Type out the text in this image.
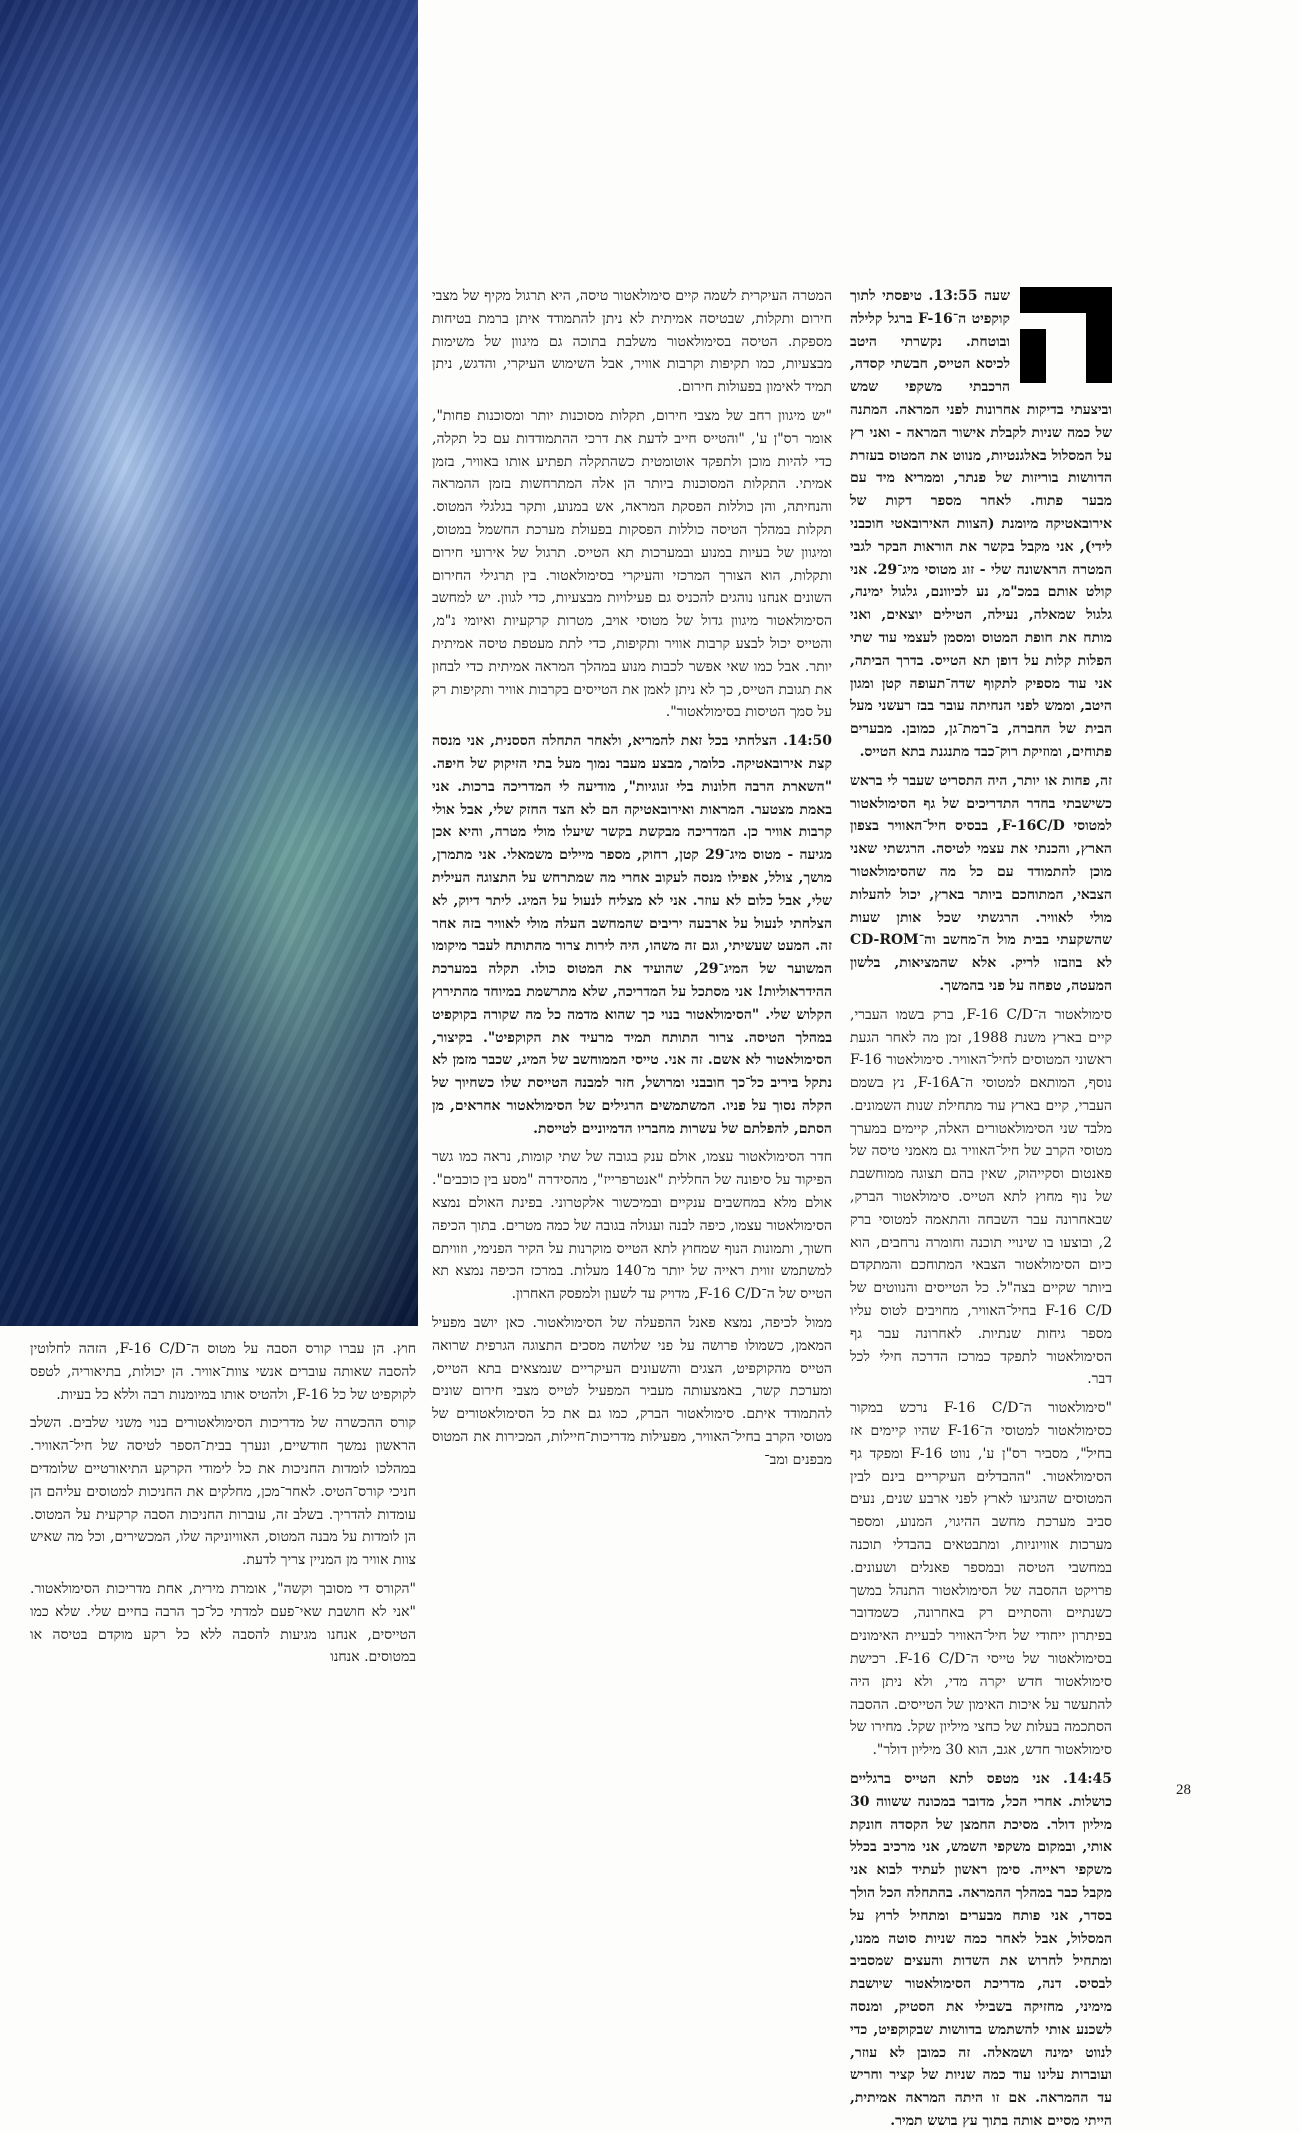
שעה 13:55. טיפסתי לתוך קוקפיט ה־F-16 ברגל קלילה ובוטחת. נקשרתי היטב לכיסא הטייס, חבשתי קסדה, הרכבתי משקפי שמש וביצעתי בדיקות אחרונות לפני המראה. המתנה של כמה שניות לקבלת אישור המראה - ואני רץ על המסלול באלגנטיות, מנווט את המטוס בעזרת הדוושות בוריזות של פנתר, וממריא מיד עם מבער פתוח. לאחר מספר דקות של אירובאטיקה מיומנת (הצוות האירובאטי חוכבני לידי), אני מקבל בקשר את הוראות הבקר לגבי המטרה הראשונה שלי - זוג מטוסי מיג־29. אני קולט אותם במכ"מ, נע לכיוונם, גלגול ימינה, גלגול שמאלה, נעילה, הטילים יוצאים, ואני מותח את חופת המטוס ומסמן לעצמי עוד שתי הפלות קלות על דופן תא הטייס. בדרך הביתה, אני עוד מספיק לתקוף שדה־תעופה קטן ומגון היטב, וממש לפני הנחיתה עובר בבז רעשני מעל הבית של החברה, ב־רמת־גן, כמובן. מבערים פתוחים, ומוזיקת רוק־כבד מתנגנת בתא הטייס.

זה, פחות או יותר, היה התסריט שעבר לי בראש כשישבתי בחדר התדריכים של גף הסימולאטור למטוסי F-16C/D, בבסיס חיל־האוויר בצפון הארץ, והכנתי את עצמי לטיסה. הרגשתי שאני מוכן להתמודד עם כל מה שהסימולאטור הצבאי, המתוחכם ביותר בארץ, יכול להעלות מולי לאוויר. הרגשתי שכל אותן שעות שהשקעתי בבית מול ה־מחשב וה־CD-ROM לא בוזבזו לריק. אלא שהמציאות, בלשון המעטה, טפחה על פני בהמשך.

סימולאטור ה־F-16 C/D, ברק בשמו העברי, קיים בארץ משנת 1988, זמן מה לאחר הגעת ראשוני המטוסים לחיל־האוויר. סימולאטור F-16 נוסף, המותאם למטוסי ה־F-16A, נץ בשמם העברי, קיים בארץ עוד מתחילת שנות השמונים. מלבד שני הסימולאטורים האלה, קיימים במערך מטוסי הקרב של חיל־האוויר גם מאמני טיסה של פאנטום וסקייהוק, שאין בהם תצוגה ממוחשבת של נוף מחוץ לתא הטייס. סימולאטור הברק, שבאחרונה עבר השבחה והתאמה למטוסי ברק 2, ובוצעו בו שינויי תוכנה וחומרה נרחבים, הוא כיום הסימולאטור הצבאי המתוחכם והמתקדם ביותר שקיים בצה"ל. כל הטייסים והנווטים של F-16 C/D בחיל־האוויר, מחויבים לטוס עליו מספר גיחות שנתיות. לאחרונה עבר גף הסימולאטור לתפקד כמרכז הדרכה חילי לכל דבר.

"סימולאטור ה־F-16 C/D נרכש במקור כסימולאטור למטוסי ה־F-16 שהיו קיימים אז בחיל", מסביר רס"ן ע', נווט F-16 ומפקד גף הסימולאטור. "ההבדלים העיקריים בינם לבין המטוסים שהגיעו לארץ לפני ארבע שנים, נעים סביב מערכת מחשב ההיגוי, המנוע, ומספר מערכות אוויוניות, ומתבטאים בהבדלי תוכנה במחשבי הטיסה ובמספר פאנלים ושעונים. פרויקט ההסבה של הסימולאטור התנהל במשך כשנתיים והסתיים רק באחרונה, כשמדובר בפיתרון ייחודי של חיל־האוויר לבעיית האימונים בסימולאטור של טייסי ה־F-16 C/D. רכישת סימולאטור חדש יקרה מדי, ולא ניתן היה להתעשר על איכות האימון של הטייסים. ההסבה הסתכמה בעלות של כחצי מיליון שקל. מחירו של סימולאטור חדש, אגב, הוא 30 מיליון דולר".

14:45. אני מטפס לתא הטייס ברגליים כושלות. אחרי הכל, מדובר במכונה ששווה 30 מיליון דולר. מסיכת החמצן של הקסדה חונקת אותי, ובמקום משקפי השמש, אני מרכיב בכלל משקפי ראייה. סימן ראשון לעתיד לבוא אני מקבל כבר במהלך ההמראה. בהתחלה הכל הולך בסדר, אני פותח מבערים ומתחיל לרוץ על המסלול, אבל לאחר כמה שניות סוטה ממנו, ומתחיל לחרוש את השדות והעצים שמסביב לבסיס. דנה, מדריכת הסימולאטור שיושבת מימיני, מחזיקה בשבילי את הסטיק, ומנסה לשכנע אותי להשתמש בדוושות שבקוקפיט, כדי לנווט ימינה ושמאלה. זה כמובן לא עוזר, ועוברות עלינו עוד כמה שניות של קציר וחריש עד ההמראה. אם זו היתה המראה אמיתית, הייתי מסיים אותה בתוך עץ בושש תמיר.

המטרה העיקרית לשמה קיים סימולאטור טיסה, היא תרגול מקיף של מצבי חירום ותקלות, שבטיסה אמיתית לא ניתן להתמודד איתן ברמת בטיחות מספקת. הטיסה בסימולאטור משלבת בתוכה גם מיגוון של משימות מבצעיות, כמו תקיפות וקרבות אוויר, אבל השימוש העיקרי, והדגש, ניתן תמיד לאימון בפעולות חירום.

"יש מיגוון רחב של מצבי חירום, תקלות מסוכנות יותר ומסוכנות פחות", אומר רס"ן ע', "והטייס חייב לדעת את דרכי ההתמודדות עם כל תקלה, כדי להיות מוכן ולתפקד אוטומטית כשהתקלה תפתיע אותו באוויר, בזמן אמיתי. התקלות המסוכנות ביותר הן אלה המתרחשות בזמן ההמראה והנחיתה, והן כוללות הפסקת המראה, אש במנוע, ותקר בגלגלי המטוס. תקלות במהלך הטיסה כוללות הפסקות בפעולת מערכת החשמל במטוס, ומיגוון של בעיות במנוע ובמערכות תא הטייס. תרגול של אירועי חירום ותקלות, הוא הצורך המרכזי והעיקרי בסימולאטור. בין תרגילי החירום השונים אנחנו נוהגים להכניס גם פעילויות מבצעיות, כדי לגוון. יש למחשב הסימולאטור מיגוון גדול של מטוסי אויב, מטרות קרקעיות ואיומי נ"מ, והטייס יכול לבצע קרבות אוויר ותקיפות, כדי לתת מעטפת טיסה אמיתית יותר. אבל כמו שאי אפשר לכבות מנוע במהלך המראה אמיתית כדי לבחון את תגובת הטייס, כך לא ניתן לאמן את הטייסים בקרבות אוויר ותקיפות רק על סמך הטיסות בסימולאטור".

14:50. הצלחתי בכל זאת להמריא, ולאחר התחלה הססנית, אני מנסה קצת אירובאטיקה. כלומר, מבצע מעבר נמוך מעל בתי הזיקוק של חיפה. "השארת הרבה חלונות בלי זגוגיות", מודיעה לי המדריכה ברכות. אני באמת מצטער. המראות ואירובאטיקה הם לא הצד החזק שלי, אבל אולי קרבות אוויר כן. המדריכה מבקשת בקשר שיעלו מולי מטרה, והיא אכן מגיעה - מטוס מיג־29 קטן, רחוק, מספר מיילים משמאלי. אני מתמרן, מושך, צולל, אפילו מנסה לעקוב אחרי מה שמתרחש על התצוגה העילית שלי, אבל כלום לא עוזר. אני לא מצליח לנעול על המיג. ליתר דיוק, לא הצלחתי לנעול על ארבעה יריבים שהמחשב העלה מולי לאוויר בזה אחר זה. המעט שעשיתי, וגם זה משהו, היה לירות צרור מהתותח לעבר מיקומו המשוער של המיג־29, שהועיד את המטוס כולו. תקלה במערכת ההידראוליות! אני מסתכל על המדריכה, שלא מתרשמת במיוחד מהתירוץ הקלוש שלי. "הסימולאטור בנוי כך שהוא מדמה כל מה שקורה בקוקפיט במהלך הטיסה. צרור התותח תמיד מרעיד את הקוקפיט". בקיצור, הסימולאטור לא אשם. זה אני. טייסי הממוחשב של המיג, שכבר מזמן לא נתקל ביריב כל־כך חובבני ומרושל, חזר למבנה הטייסת שלו כשחיוך של הקלה נסוך על פניו. המשתמשים הרגילים של הסימולאטור אחראים, מן הסתם, להפלתם של עשרות מחבריו הדמיוניים לטייסת.

חדר הסימולאטור עצמו, אולם ענק בגובה של שתי קומות, נראה כמו גשר הפיקוד על סיפונה של החללית "אנטרפרייז", מהסידרה "מסע בין כוכבים". אולם מלא במחשבים ענקיים ובמיכשור אלקטרוני. בפינת האולם נמצא הסימולאטור עצמו, כיפה לבנה ועגולה בגובה של כמה מטרים. בתוך הכיפה חשוך, ותמונות הנוף שמחוץ לתא הטייס מוקרנות על הקיר הפנימי, וזוויתם למשתמש זווית ראייה של יותר מ־140 מעלות. במרכז הכיפה נמצא תא הטייס של ה־F-16 C/D, מדויק עד לשעון ולמפסק האחרון.

ממול לכיפה, נמצא פאנל ההפעלה של הסימולאטור. כאן יושב מפעיל המאמן, כשמולו פרושה על פני שלושה מסכים התצוגה הגרפית שרואה הטייס מהקוקפיט, הצגים והשעונים העיקריים שנמצאים בתא הטייס, ומערכת קשר, באמצעותה מעביר המפעיל לטייס מצבי חירום שונים להתמודד איתם. סימולאטור הברק, כמו גם את כל הסימולאטורים של מטוסי הקרב בחיל־האוויר, מפעילות מדריכות־חיילות, המכירות את המטוס מבפנים ומב־

חוץ. הן עברו קורס הסבה על מטוס ה־F-16 C/D, הזהה לחלוטין להסבה שאותה עוברים אנשי צוות־אוויר. הן יכולות, בתיאוריה, לטפס לקוקפיט של כל F-16, ולהטיס אותו במיומנות רבה וללא כל בעיות.

קורס ההכשרה של מדריכות הסימולאטורים בנוי משני שלבים. השלב הראשון נמשך חודשיים, ונערך בבית־הספר לטיסה של חיל־האוויר. במהלכו לומדות החניכות את כל לימודי הקרקע התיאורטיים שלומדים חניכי קורס־הטיס. לאחר־מכן, מחלקים את החניכות למטוסים עליהם הן עומדות להדריך. בשלב זה, עוברות החניכות הסבה קרקעית על המטוס. הן לומדות על מבנה המטוס, האוויוניקה שלו, המכשירים, וכל מה שאיש צוות אוויר מן המניין צריך לדעת.

"הקורס די מסובך וקשה", אומרת מירית, אחת מדריכות הסימולאטור. "אני לא חושבת שאי־פעם למדתי כל־כך הרבה בחיים שלי. שלא כמו הטייסים, אנחנו מגיעות להסבה ללא כל רקע מוקדם בטיסה או במטוסים. אנחנו

28
